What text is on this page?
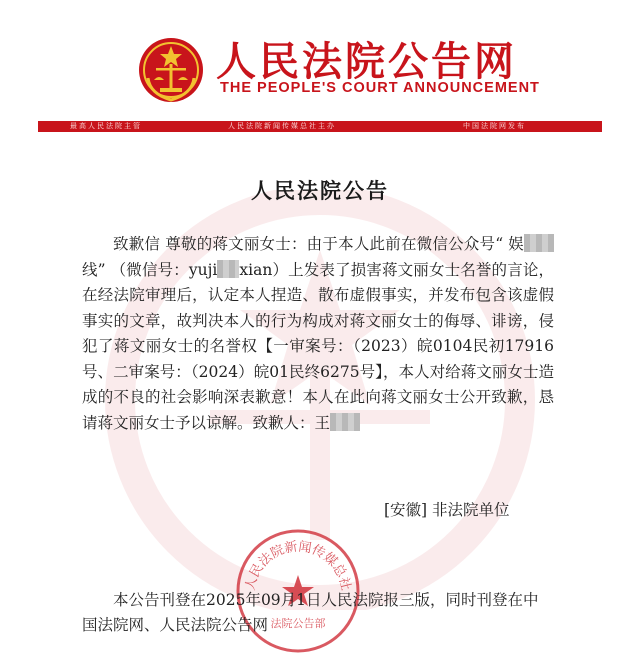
人民法院公告网
THE PEOPLE'S COURT ANNOUNCEMENT
最高人民法院主管	人民法院新闻传媒总社主办	中国法院网发布
人民法院公告

致歉信 尊敬的蒋文丽女士：由于本人此前在微信公众号“ 娱线” （微信号：yuji xian）上发表了损害蒋文丽女士名誉的言论，在经法院审理后，认定本人捏造、散布虚假事实，并发布包含该虚假事实的文章，故判决本人的行为构成对蒋文丽女士的侮辱、诽谤，侵犯了蒋文丽女士的名誉权【一审案号：（2023）皖0104民初17916号、二审案号：（2024）皖01民终6275号】，本人对给蒋文丽女士造成的不良的社会影响深表歉意！本人在此向蒋文丽女士公开致歉，恳请蒋文丽女士予以谅解。致歉人：王

[安徽] 非法院单位
人民法院新闻传媒总社
法院公告部
本公告刊登在2025年09月1日人民法院报三版，同时刊登在中国法院网、人民法院公告网
